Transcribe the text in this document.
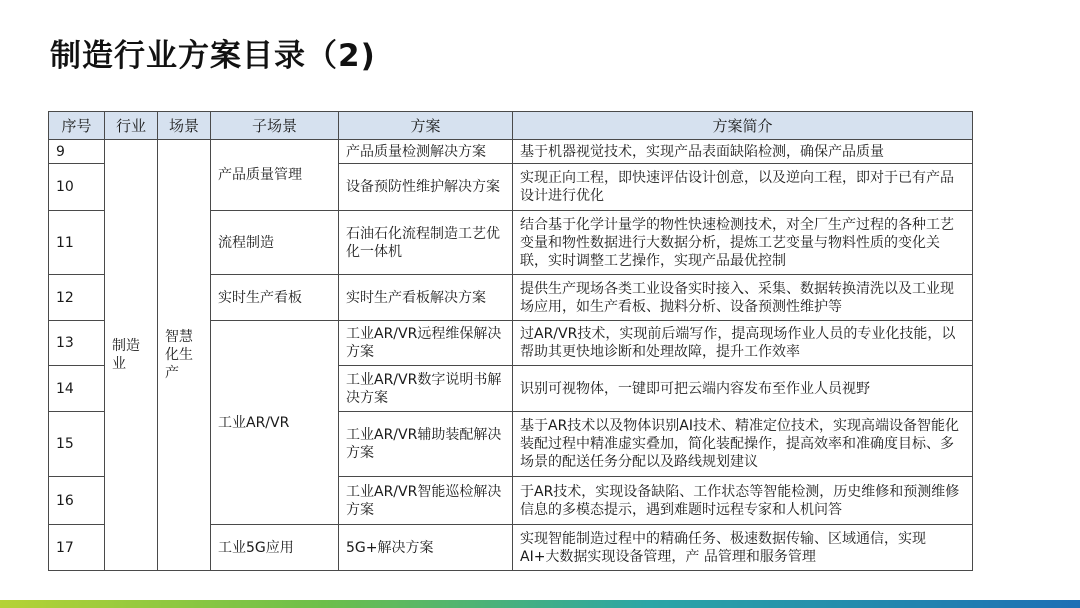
制造行业方案目录（2)
序号	行业	场景	子场景	方案	方案简介
9	制造业	智慧化生产	产品质量管理	产品质量检测解决方案	基于机器视觉技术，实现产品表面缺陷检测，确保产品质量
10				设备预防性维护解决方案	实现正向工程，即快速评估设计创意，以及逆向工程，即对于已有产品设计进行优化
11			流程制造	石油石化流程制造工艺优化一体机	结合基于化学计量学的物性快速检测技术，对全厂生产过程的各种工艺变量和物性数据进行大数据分析，提炼工艺变量与物料性质的变化关联，实时调整工艺操作，实现产品最优控制
12			实时生产看板	实时生产看板解决方案	提供生产现场各类工业设备实时接入、采集、数据转换清洗以及工业现场应用，如生产看板、抛料分析、设备预测性维护等
13			工业AR/VR	工业AR/VR远程维保解决方案	过AR/VR技术，实现前后端写作，提高现场作业人员的专业化技能，以帮助其更快地诊断和处理故障，提升工作效率
14				工业AR/VR数字说明书解决方案	识别可视物体，一键即可把云端内容发布至作业人员视野
15				工业AR/VR辅助装配解决方案	基于AR技术以及物体识别AI技术、精准定位技术，实现高端设备智能化装配过程中精准虚实叠加，简化装配操作，提高效率和准确度目标、多场景的配送任务分配以及路线规划建议
16				工业AR/VR智能巡检解决方案	于AR技术，实现设备缺陷、工作状态等智能检测，历史维修和预测维修信息的多模态提示，遇到难题时远程专家和人机问答
17			工业5G应用	5G+解决方案	实现智能制造过程中的精确任务、极速数据传输、区域通信，实现AI+大数据实现设备管理，产 品管理和服务管理
